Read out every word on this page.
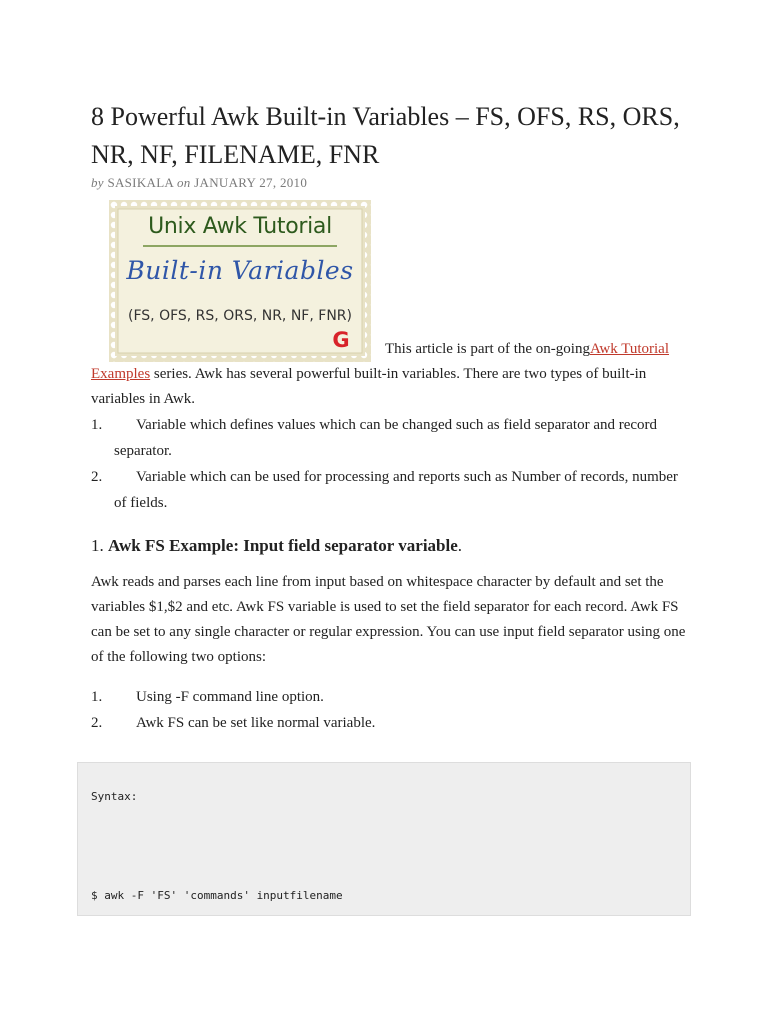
8 Powerful Awk Built-in Variables – FS, OFS, RS, ORS, NR, NF, FILENAME, FNR
by SASIKALA on JANUARY 27, 2010
Unix Awk Tutorial
Built-in Variables
(FS, OFS, RS, ORS, NR, NF, FNR)
G This article is part of the on-goingAwk Tutorial Examples series. Awk has several powerful built-in variables. There are two types of built-in variables in Awk.
1. Variable which defines values which can be changed such as field separator and record separator.
2. Variable which can be used for processing and reports such as Number of records, number of fields.
1. Awk FS Example: Input field separator variable.

Awk reads and parses each line from input based on whitespace character by default and set the variables $1,$2 and etc. Awk FS variable is used to set the field separator for each record. Awk FS can be set to any single character or regular expression. You can use input field separator using one of the following two options:

1. Using -F command line option.
2. Awk FS can be set like normal variable.
Syntax:
$ awk -F 'FS' 'commands' inputfilename
